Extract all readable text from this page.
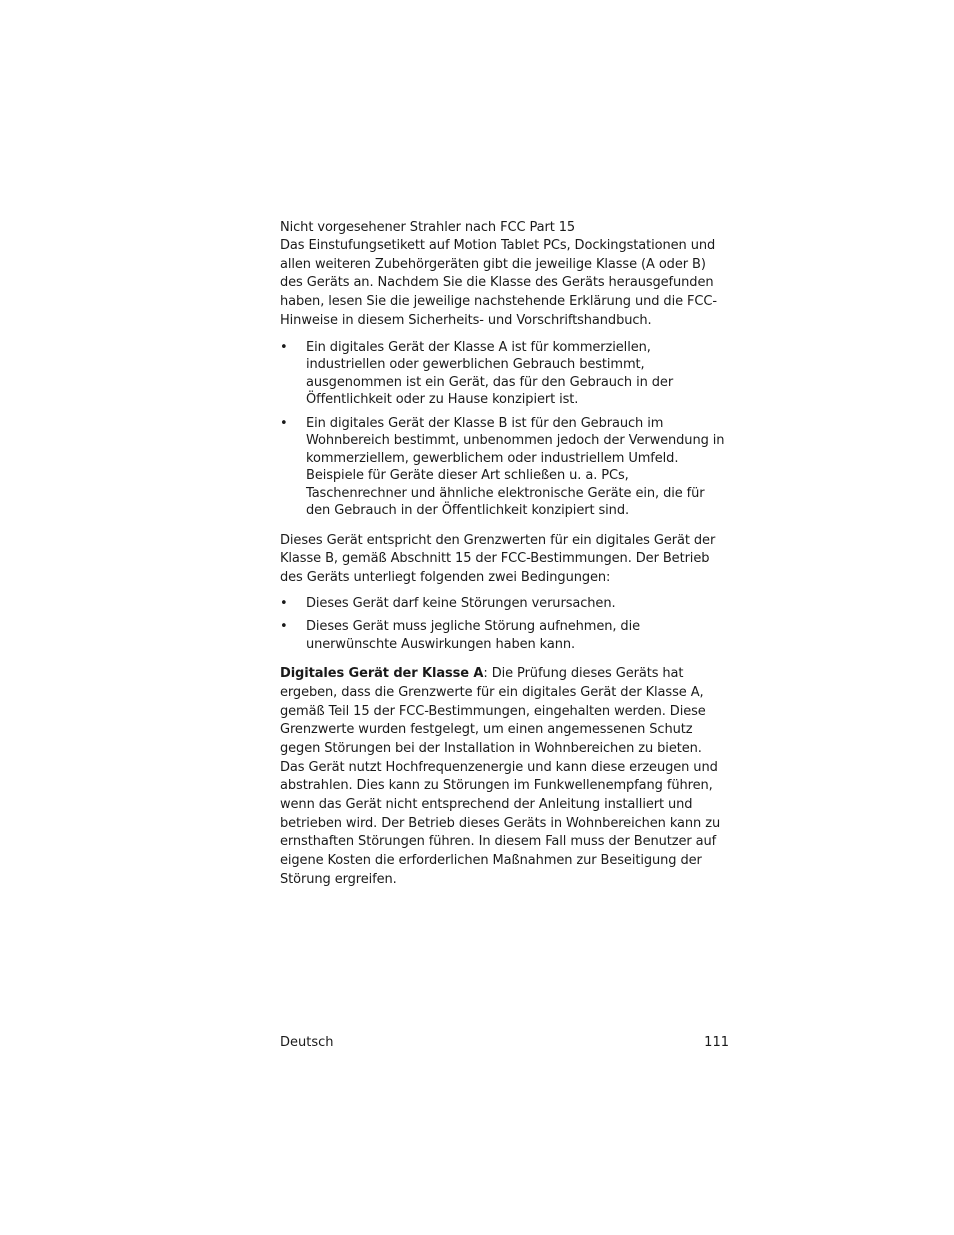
Nicht vorgesehener Strahler nach FCC Part 15

Das Einstufungsetikett auf Motion Tablet PCs, Dockingstationen und allen weiteren Zubehörgeräten gibt die jeweilige Klasse (A oder B) des Geräts an. Nachdem Sie die Klasse des Geräts herausgefunden haben, lesen Sie die jeweilige nachstehende Erklärung und die FCC-Hinweise in diesem Sicherheits- und Vorschriftshandbuch.

• Ein digitales Gerät der Klasse A ist für kommerziellen, industriellen oder gewerblichen Gebrauch bestimmt, ausgenommen ist ein Gerät, das für den Gebrauch in der Öffentlichkeit oder zu Hause konzipiert ist.
• Ein digitales Gerät der Klasse B ist für den Gebrauch im Wohnbereich bestimmt, unbenommen jedoch der Verwendung in kommerziellem, gewerblichem oder industriellem Umfeld. Beispiele für Geräte dieser Art schließen u. a. PCs, Taschenrechner und ähnliche elektronische Geräte ein, die für den Gebrauch in der Öffentlichkeit konzipiert sind.

Dieses Gerät entspricht den Grenzwerten für ein digitales Gerät der Klasse B, gemäß Abschnitt 15 der FCC-Bestimmungen. Der Betrieb des Geräts unterliegt folgenden zwei Bedingungen:

• Dieses Gerät darf keine Störungen verursachen.
• Dieses Gerät muss jegliche Störung aufnehmen, die unerwünschte Auswirkungen haben kann.

Digitales Gerät der Klasse A: Die Prüfung dieses Geräts hat ergeben, dass die Grenzwerte für ein digitales Gerät der Klasse A, gemäß Teil 15 der FCC-Bestimmungen, eingehalten werden. Diese Grenzwerte wurden festgelegt, um einen angemessenen Schutz gegen Störungen bei der Installation in Wohnbereichen zu bieten. Das Gerät nutzt Hochfrequenzenergie und kann diese erzeugen und abstrahlen. Dies kann zu Störungen im Funkwellenempfang führen, wenn das Gerät nicht entsprechend der Anleitung installiert und betrieben wird. Der Betrieb dieses Geräts in Wohnbereichen kann zu ernsthaften Störungen führen. In diesem Fall muss der Benutzer auf eigene Kosten die erforderlichen Maßnahmen zur Beseitigung der Störung ergreifen.

Deutsch	111
